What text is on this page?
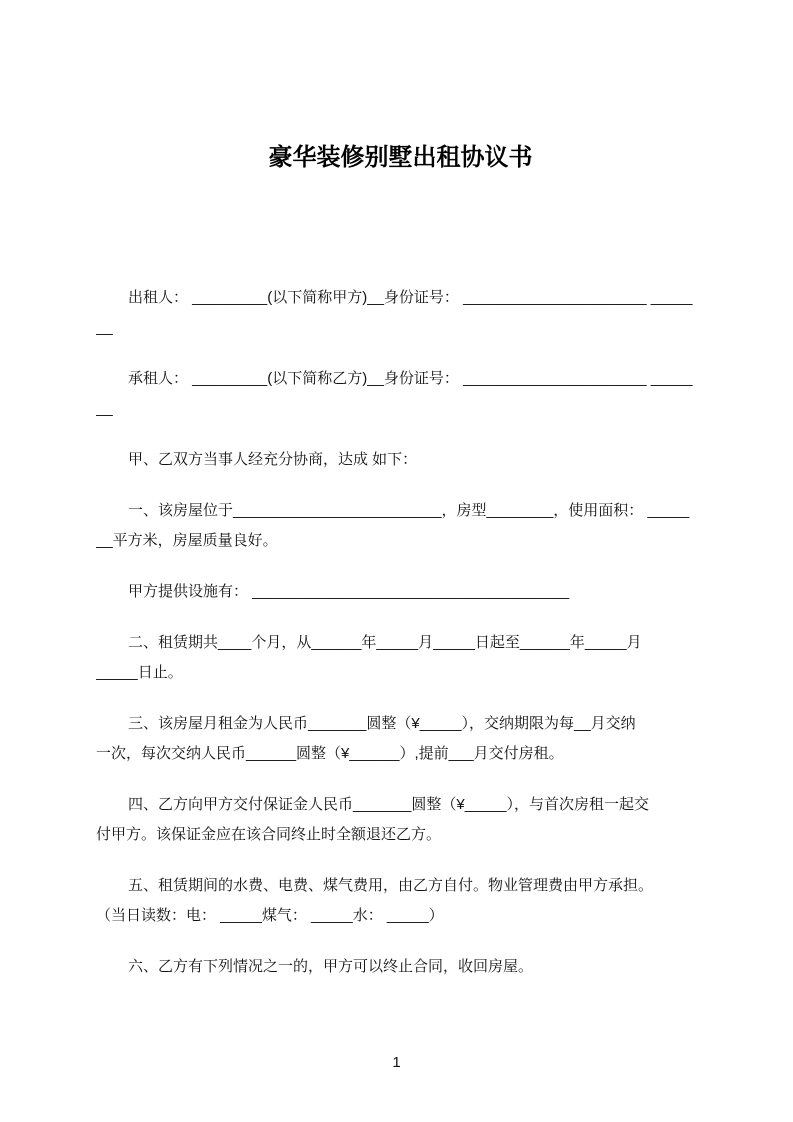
豪华装修别墅出租协议书
出租人： _________(以下简称甲方)__身份证号： ______________________ _____
__
承租人： _________(以下简称乙方)__身份证号： ______________________ _____
__
甲、乙双方当事人经充分协商，达成 如下：
一、该房屋位于_________________________，房型________，使用面积： _____
__平方米，房屋质量良好。
甲方提供设施有： ______________________________________
二、租赁期共____个月，从______年_____月_____日起至______年_____月
_____日止。
三、该房屋月租金为人民币_______圆整（¥_____），交纳期限为每__月交纳
一次，每次交纳人民币______圆整（¥______）,提前___月交付房租。
四、乙方向甲方交付保证金人民币_______圆整（¥_____），与首次房租一起交
付甲方。该保证金应在该合同终止时全额退还乙方。
五、租赁期间的水费、电费、煤气费用，由乙方自付。物业管理费由甲方承担。
（当日读数：电： _____煤气： _____水： _____）
六、乙方有下列情况之一的，甲方可以终止合同，收回房屋。
1
